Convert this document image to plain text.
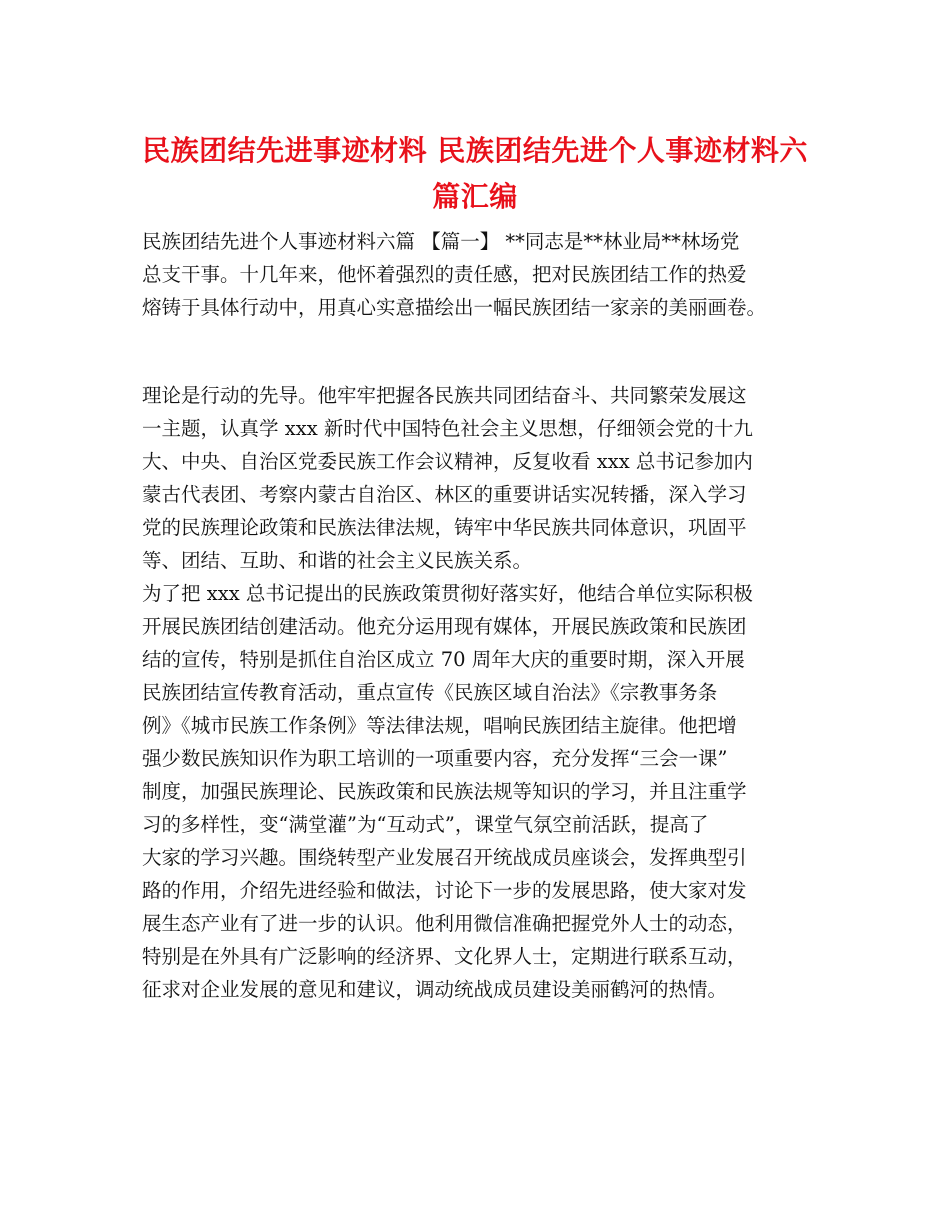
民族团结先进事迹材料 民族团结先进个人事迹材料六
篇汇编
民族团结先进个人事迹材料六篇 【篇一】 **同志是**林业局**林场党
总支干事。十几年来，他怀着强烈的责任感，把对民族团结工作的热爱
熔铸于具体行动中，用真心实意描绘出一幅民族团结一家亲的美丽画卷。
理论是行动的先导。他牢牢把握各民族共同团结奋斗、共同繁荣发展这
一主题，认真学 xxx 新时代中国特色社会主义思想，仔细领会党的十九
大、中央、自治区党委民族工作会议精神，反复收看 xxx 总书记参加内
蒙古代表团、考察内蒙古自治区、林区的重要讲话实况转播，深入学习
党的民族理论政策和民族法律法规，铸牢中华民族共同体意识，巩固平
等、团结、互助、和谐的社会主义民族关系。
为了把 xxx 总书记提出的民族政策贯彻好落实好，他结合单位实际积极
开展民族团结创建活动。他充分运用现有媒体，开展民族政策和民族团
结的宣传，特别是抓住自治区成立 70 周年大庆的重要时期，深入开展
民族团结宣传教育活动，重点宣传《民族区域自治法》《宗教事务条
例》《城市民族工作条例》等法律法规，唱响民族团结主旋律。他把增
强少数民族知识作为职工培训的一项重要内容，充分发挥“三会一课”
制度，加强民族理论、民族政策和民族法规等知识的学习，并且注重学
习的多样性，变“满堂灌”为“互动式”，课堂气氛空前活跃，提高了
大家的学习兴趣。围绕转型产业发展召开统战成员座谈会，发挥典型引
路的作用，介绍先进经验和做法，讨论下一步的发展思路，使大家对发
展生态产业有了进一步的认识。他利用微信准确把握党外人士的动态，
特别是在外具有广泛影响的经济界、文化界人士，定期进行联系互动，
征求对企业发展的意见和建议，调动统战成员建设美丽鹤河的热情。
